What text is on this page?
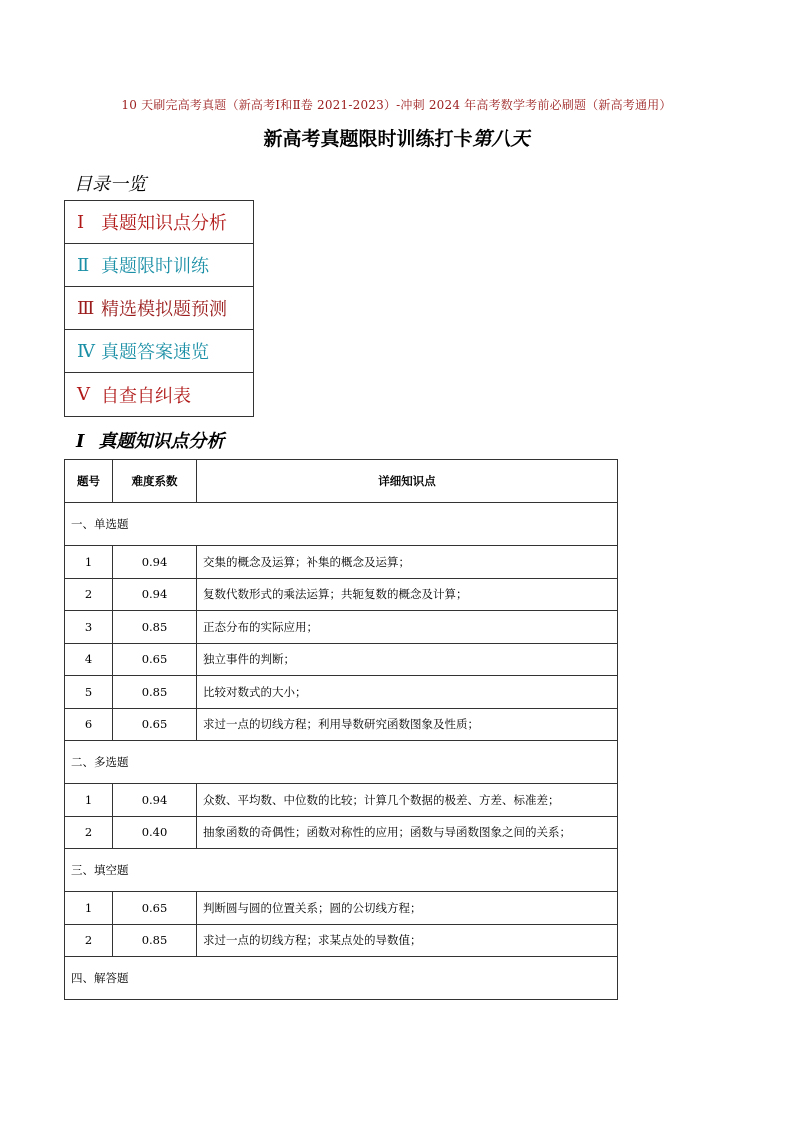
10 天刷完高考真题（新高考Ⅰ和Ⅱ卷 2021-2023）-冲刺 2024 年高考数学考前必刷题（新高考通用）
新高考真题限时训练打卡第八天
目录一览
Ⅰ 真题知识点分析
Ⅱ 真题限时训练
Ⅲ 精选模拟题预测
Ⅳ 真题答案速览
Ⅴ 自查自纠表
Ⅰ 真题知识点分析
题号	难度系数	详细知识点
一、单选题		
1	0.94	交集的概念及运算；补集的概念及运算；
2	0.94	复数代数形式的乘法运算；共轭复数的概念及计算；
3	0.85	正态分布的实际应用；
4	0.65	独立事件的判断；
5	0.85	比较对数式的大小；
6	0.65	求过一点的切线方程；利用导数研究函数图象及性质；
二、多选题		
1	0.94	众数、平均数、中位数的比较；计算几个数据的极差、方差、标准差；
2	0.40	抽象函数的奇偶性；函数对称性的应用；函数与导函数图象之间的关系；
三、填空题		
1	0.65	判断圆与圆的位置关系；圆的公切线方程；
2	0.85	求过一点的切线方程；求某点处的导数值；
四、解答题		
